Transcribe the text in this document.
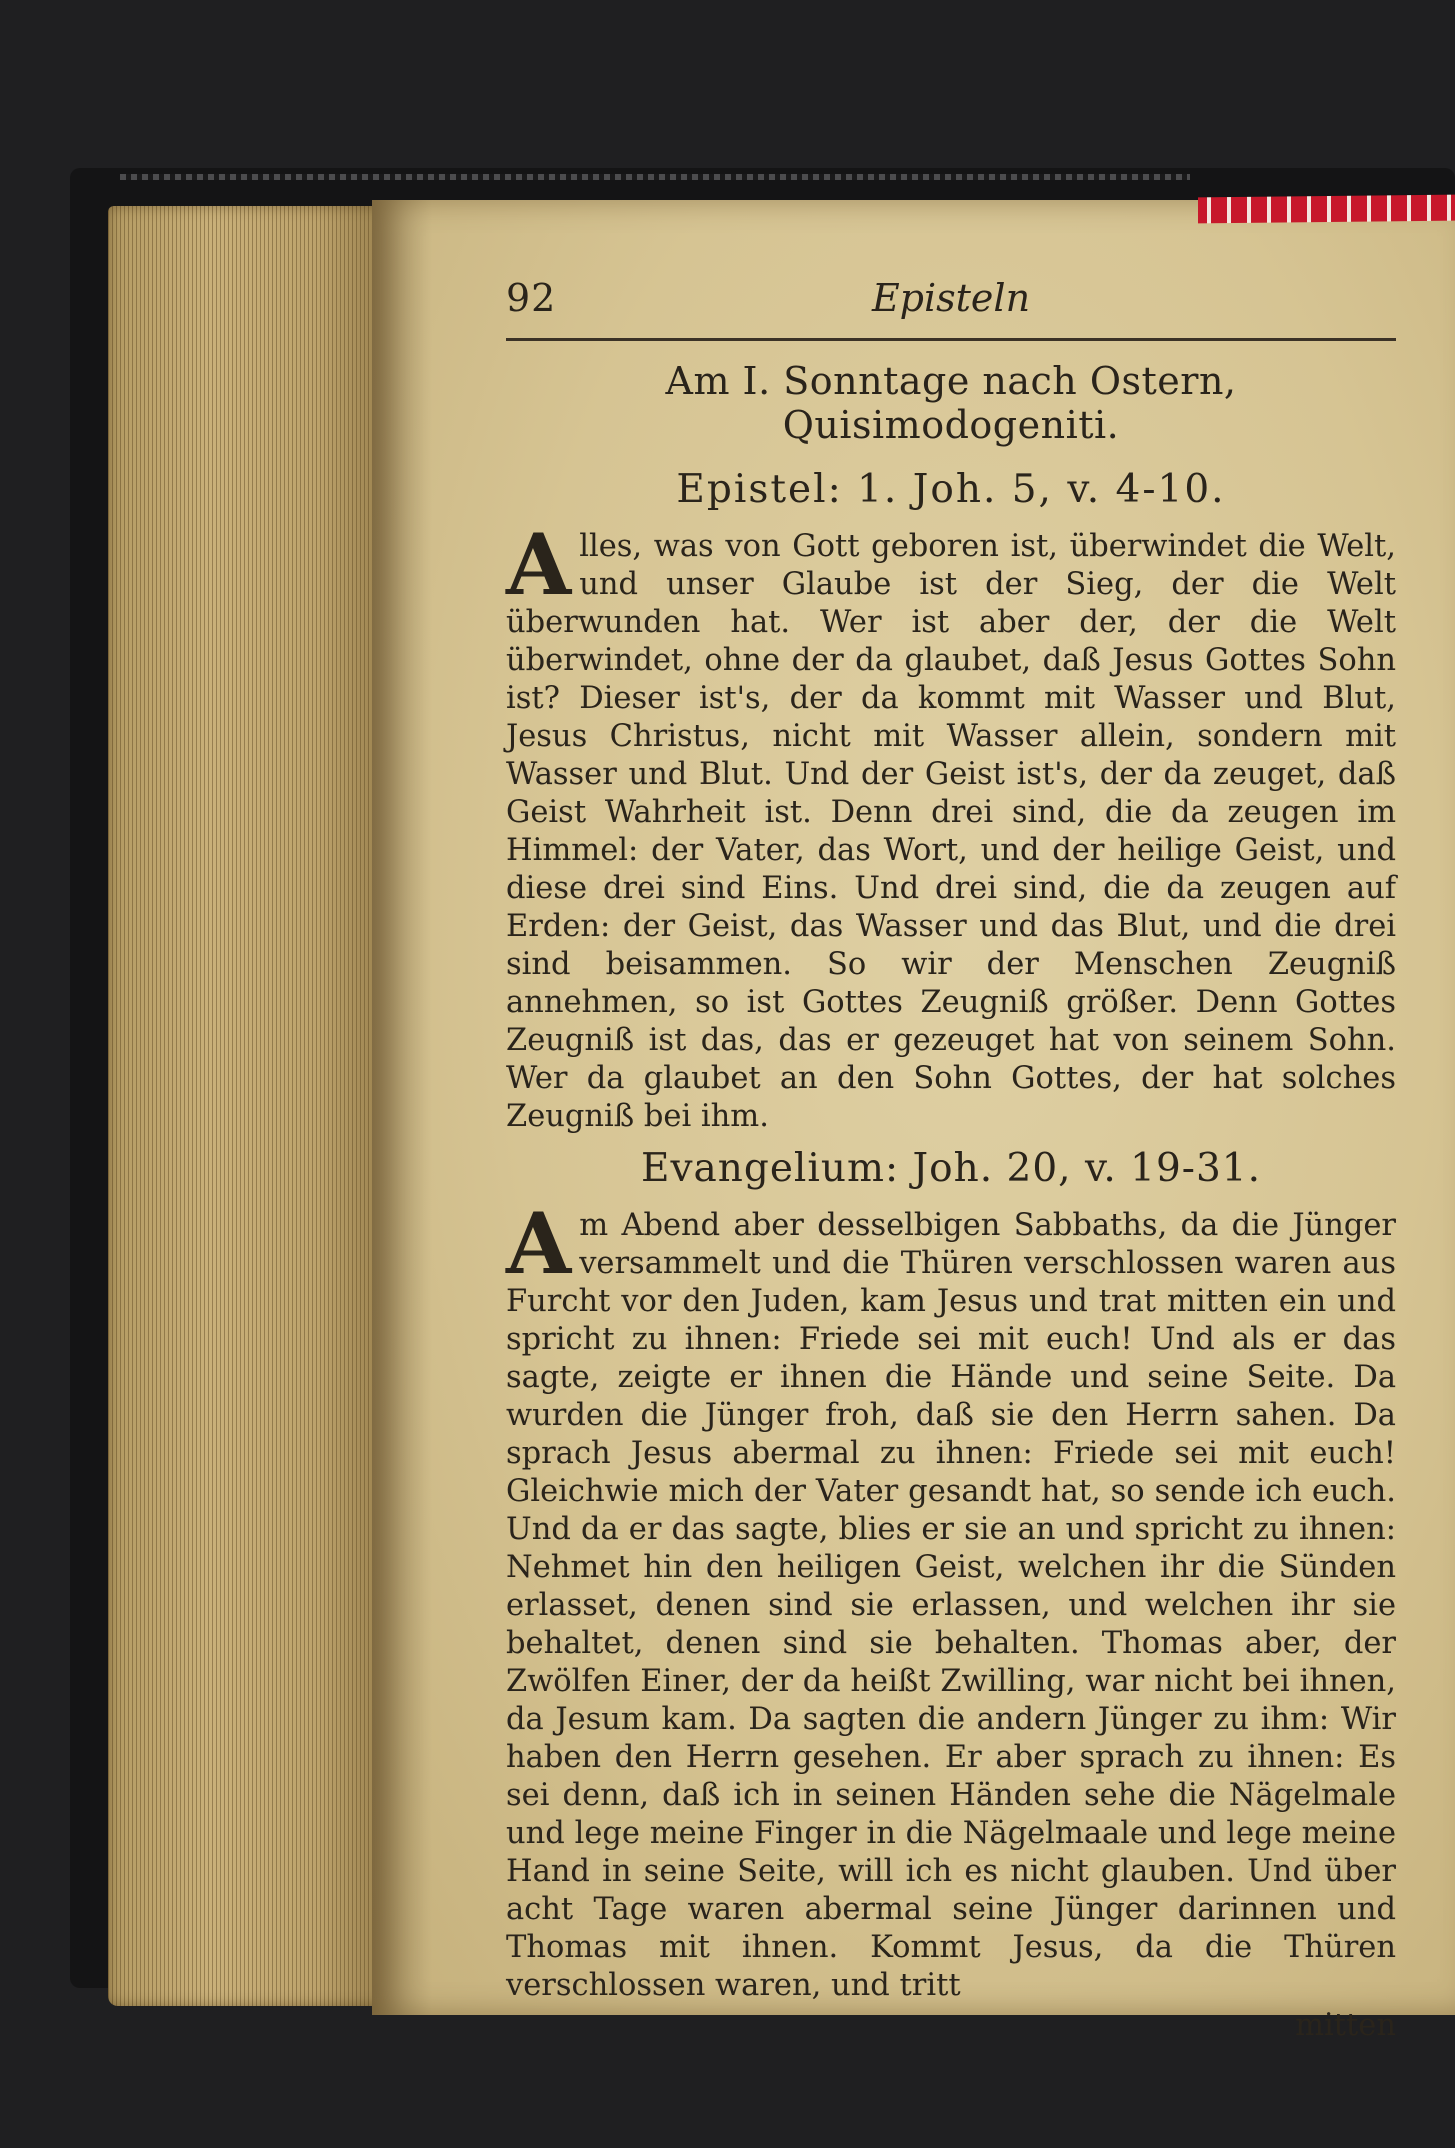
92	Episteln
Am I. Sonntage nach Ostern, Quisimodogeniti.
Epistel: 1. Joh. 5, v. 4-10.

Alles, was von Gott geboren ist, überwindet die Welt, und unser Glaube ist der Sieg, der die Welt überwunden hat. Wer ist aber der, der die Welt überwindet, ohne der da glaubet, daß Jesus Gottes Sohn ist? Dieser ist's, der da kommt mit Wasser und Blut, Jesus Christus, nicht mit Wasser allein, sondern mit Wasser und Blut. Und der Geist ist's, der da zeuget, daß Geist Wahrheit ist. Denn drei sind, die da zeugen im Himmel: der Vater, das Wort, und der heilige Geist, und diese drei sind Eins. Und drei sind, die da zeugen auf Erden: der Geist, das Wasser und das Blut, und die drei sind beisammen. So wir der Menschen Zeugniß annehmen, so ist Gottes Zeugniß größer. Denn Gottes Zeugniß ist das, das er gezeuget hat von seinem Sohn. Wer da glaubet an den Sohn Gottes, der hat solches Zeugniß bei ihm.

Evangelium: Joh. 20, v. 19-31.

Am Abend aber desselbigen Sabbaths, da die Jünger versammelt und die Thüren verschlossen waren aus Furcht vor den Juden, kam Jesus und trat mitten ein und spricht zu ihnen: Friede sei mit euch! Und als er das sagte, zeigte er ihnen die Hände und seine Seite. Da wurden die Jünger froh, daß sie den Herrn sahen. Da sprach Jesus abermal zu ihnen: Friede sei mit euch! Gleichwie mich der Vater gesandt hat, so sende ich euch. Und da er das sagte, blies er sie an und spricht zu ihnen: Nehmet hin den heiligen Geist, welchen ihr die Sünden erlasset, denen sind sie erlassen, und welchen ihr sie behaltet, denen sind sie behalten. Thomas aber, der Zwölfen Einer, der da heißt Zwilling, war nicht bei ihnen, da Jesum kam. Da sagten die andern Jünger zu ihm: Wir haben den Herrn gesehen. Er aber sprach zu ihnen: Es sei denn, daß ich in seinen Händen sehe die Nägelmale und lege meine Finger in die Nägelmaale und lege meine Hand in seine Seite, will ich es nicht glauben. Und über acht Tage waren abermal seine Jünger darinnen und Thomas mit ihnen. Kommt Jesus, da die Thüren verschlossen waren, und tritt

mitten
